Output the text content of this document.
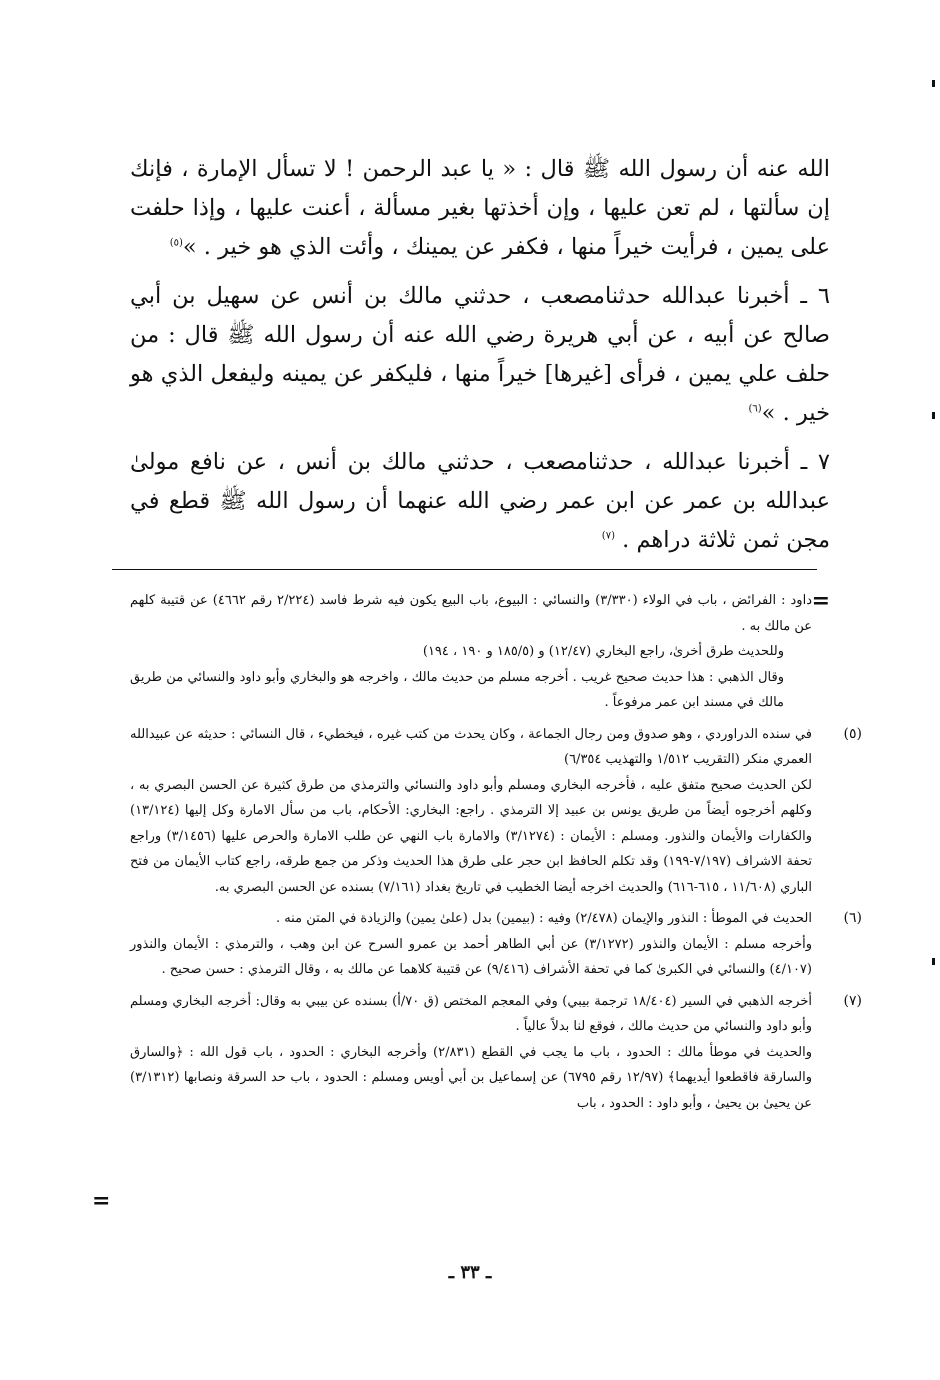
الله عنه أن رسول الله ﷺ قال : « يا عبد الرحمن ! لا تسأل الإمارة ، فإنك إن سألتها ، لم تعن عليها ، وإن أخذتها بغير مسألة ، أعنت عليها ، وإذا حلفت على يمين ، فرأيت خيراً منها ، فكفر عن يمينك ، وأئت الذي هو خير . »$^{(٥)}$

٦ ـ أخبرنا عبدالله حدثنامصعب ، حدثني مالك بن أنس عن سهيل بن أبي صالح عن أبيه ، عن أبي هريرة رضي الله عنه أن رسول الله ﷺ قال : من حلف علي يمين ، فرأى [غيرها] خيراً منها ، فليكفر عن يمينه وليفعل الذي هو خير . »$^{(٦)}$

٧ ـ أخبرنا عبدالله ، حدثنامصعب ، حدثني مالك بن أنس ، عن نافع مولىٰ عبدالله بن عمر عن ابن عمر رضي الله عنهما أن رسول الله ﷺ قطع في مجن ثمن ثلاثة دراهم . $^{(٧)}$

=

داود : الفرائض ، باب في الولاء (٣/٣٣٠) والنسائي : البيوع، باب البيع يكون فيه شرط فاسد (٢/٢٢٤ رقم ٤٦٦٢) عن قتيبة كلهم عن مالك به .

وللحديث طرق أخرىٰ، راجع البخاري (١٢/٤٧) و (١٨٥/٥ و ١٩٠ ، ١٩٤)

وقال الذهبي : هذا حديث صحيح غريب . أخرجه مسلم من حديث مالك ، واخرجه هو والبخاري وأبو داود والنسائي من طريق مالك في مسند ابن عمر مرفوعاً .

(٥)

في سنده الدراوردي ، وهو صدوق ومن رجال الجماعة ، وكان يحدث من كتب غيره ، فيخطيء ، قال النسائي : حديثه عن عبيدالله العمري منكر (التقريب ١/٥١٢ والتهذيب ٦/٣٥٤)

لكن الحديث صحيح متفق عليه ، فأخرجه البخاري ومسلم وأبو داود والنسائي والترمذي من طرق كثيرة عن الحسن البصري به ، وكلهم أخرجوه أيضاً من طريق يونس بن عبيد إلا الترمذي . راجع: البخاري: الأحكام، باب من سأل الامارة وكل إليها (١٣/١٢٤) والكفارات والأيمان والنذور. ومسلم : الأيمان : (٣/١٢٧٤) والامارة باب النهي عن طلب الامارة والحرص عليها (٣/١٤٥٦) وراجع تحفة الاشراف (٧/١٩٧-١٩٩) وقد تكلم الحافظ ابن حجر على طرق هذا الحديث وذكر من جمع طرقه، راجع كتاب الأيمان من فتح الباري (١١/٦٠٨ ، ٦١٥-٦١٦) والحديث اخرجه أيضا الخطيب في تاريخ بغداد (٧/١٦١) بسنده عن الحسن البصري به.

(٦)

الحديث في الموطأ : النذور والإيمان (٢/٤٧٨) وفيه : (بيمين) بدل (علىٰ يمين) والزيادة في المتن منه .

وأخرجه مسلم : الأيمان والنذور (٣/١٢٧٢) عن أبي الطاهر أحمد بن عمرو السرح عن ابن وهب ، والترمذي : الأيمان والنذور (٤/١٠٧) والنسائي في الكبرىٰ كما في تحفة الأشراف (٩/٤١٦) عن قتيبة كلاهما عن مالك به ، وقال الترمذي : حسن صحيح .

(٧)

أخرجه الذهبي في السير (١٨/٤٠٤ ترجمة بيبي) وفي المعجم المختص (ق ٧٠/أ) بسنده عن بيبي به وقال: أخرجه البخاري ومسلم وأبو داود والنسائي من حديث مالك ، فوقع لنا بدلاً عالياً .

والحديث في موطأ مالك : الحدود ، باب ما يجب في القطع (٢/٨٣١) وأخرجه البخاري : الحدود ، باب قول الله : ﴿والسارق والسارقة فاقطعوا أيديهما﴾ (١٢/٩٧ رقم ٦٧٩٥) عن إسماعيل بن أبي أويس ومسلم : الحدود ، باب حد السرقة ونصابها (٣/١٣١٢) عن يحيىٰ بن يحيىٰ ، وأبو داود : الحدود ، باب

=
ـ ٣٣ ـ
